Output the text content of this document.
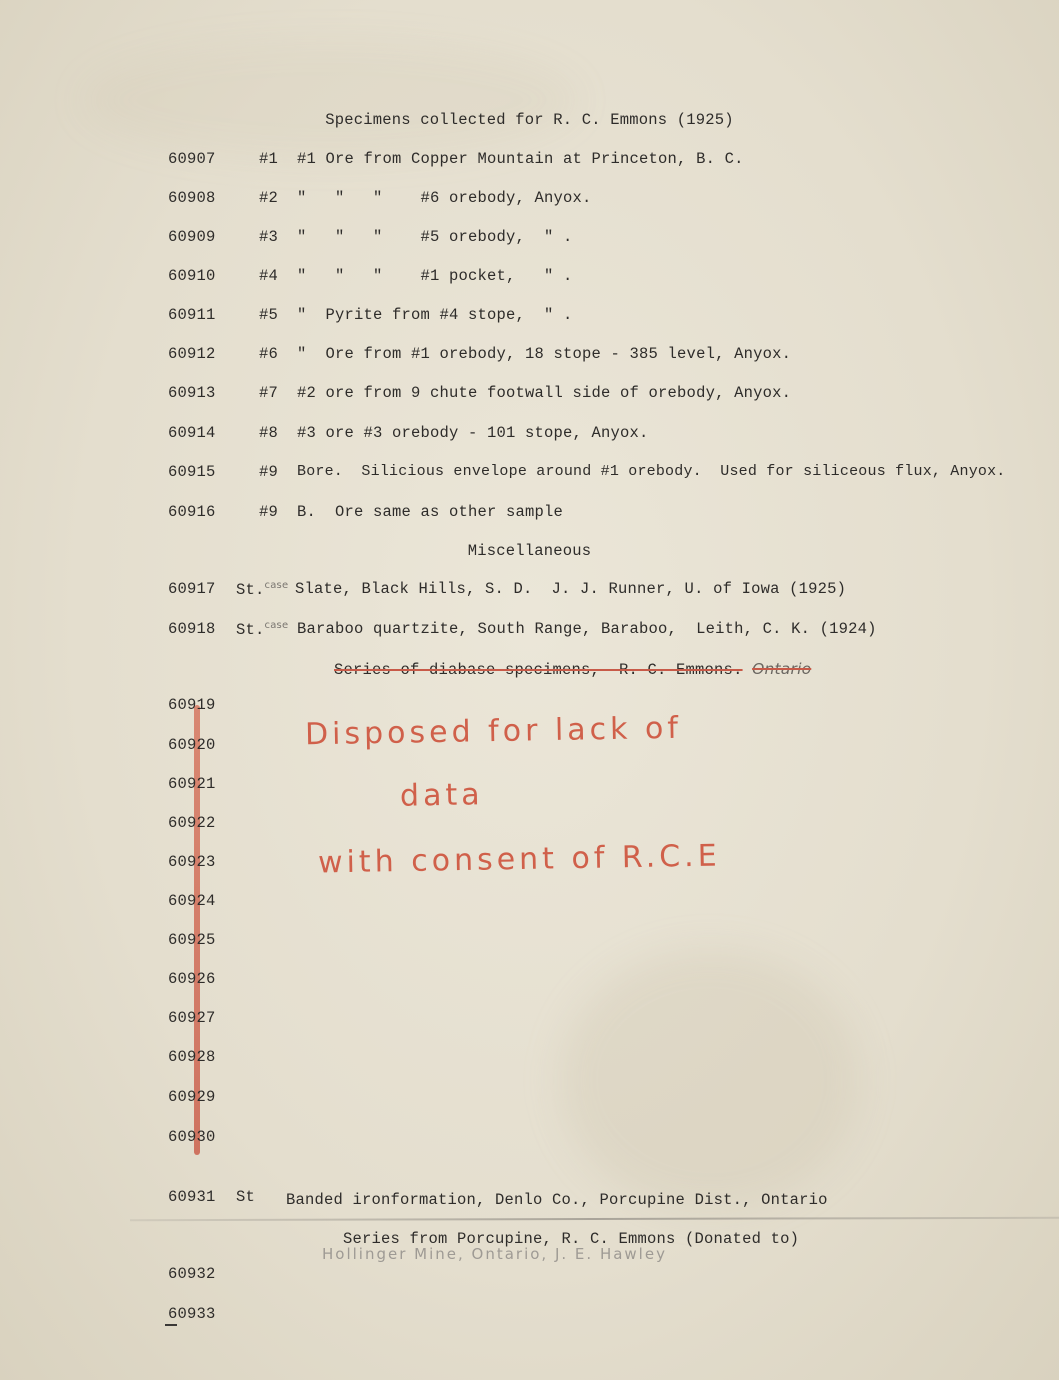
Specimens collected for R. C. Emmons (1925)
60907	#1 #1 Ore from Copper Mountain at Princeton, B. C.
60908	#2 "   "   "    #6 orebody, Anyox.
60909	#3 "   "   "    #5 orebody,  " .
60910	#4 "   "   "    #1 pocket,   " .
60911	#5 "  Pyrite from #4 stope,  " .
60912	#6 "  Ore from #1 orebody, 18 stope - 385 level, Anyox.
60913	#7 #2 ore from 9 chute footwall side of orebody, Anyox.
60914	#8 #3 ore #3 orebody - 101 stope, Anyox.
60915	#9 Bore.  Silicious envelope around #1 orebody.  Used for siliceous flux, Anyox.
60916	#9 B.  Ore same as other sample
Miscellaneous
60917 St.$^{case}$ Slate, Black Hills, S. D.  J. J. Runner, U. of Iowa (1925)
60918 St.$^{case}$ Baraboo quartzite, South Range, Baraboo,  Leith, C. K. (1924)
Series of diabase specimens,  R. C. Emmons. Ontario
60919
60920
60921
60922
60923
60924
60925
60926
60927
60928
60929
60930
Disposed for lack of
data
with consent of R.C.E
60931 St Banded ironformation, Denlo Co., Porcupine Dist., Ontario
Series from Porcupine, R. C. Emmons (Donated to)
Hollinger Mine, Ontario, J. E. Hawley
60932
60933
